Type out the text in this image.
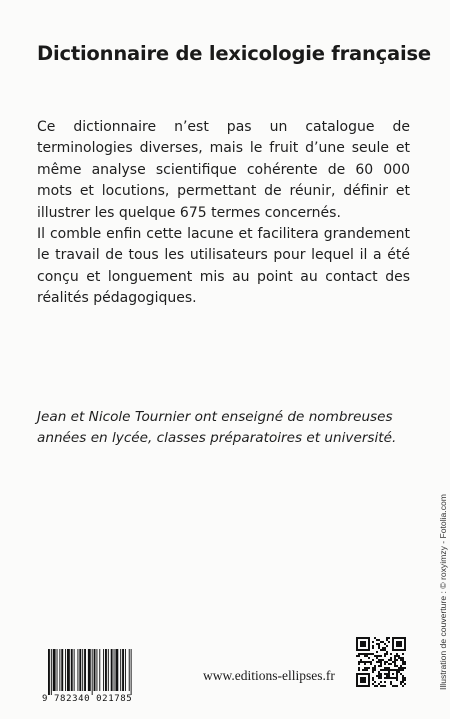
Dictionnaire de lexicologie française

Ce dictionnaire n’est pas un catalogue de terminologies diverses, mais le fruit d’une seule et même analyse scientifique cohérente de 60 000 mots et locutions, permettant de réunir, définir et illustrer les quelque 675 termes concernés.

Il comble enfin cette lacune et facilitera grandement le travail de tous les utilisateurs pour lequel il a été conçu et longuement mis au point au contact des réalités pédagogiques.

Jean et Nicole Tournier ont enseigné de nombreuses années en lycée, classes préparatoires et université.

Illustration de couverture : © roxyimzy - Fotolia.com
9 782340 021785
www.editions-ellipses.fr
